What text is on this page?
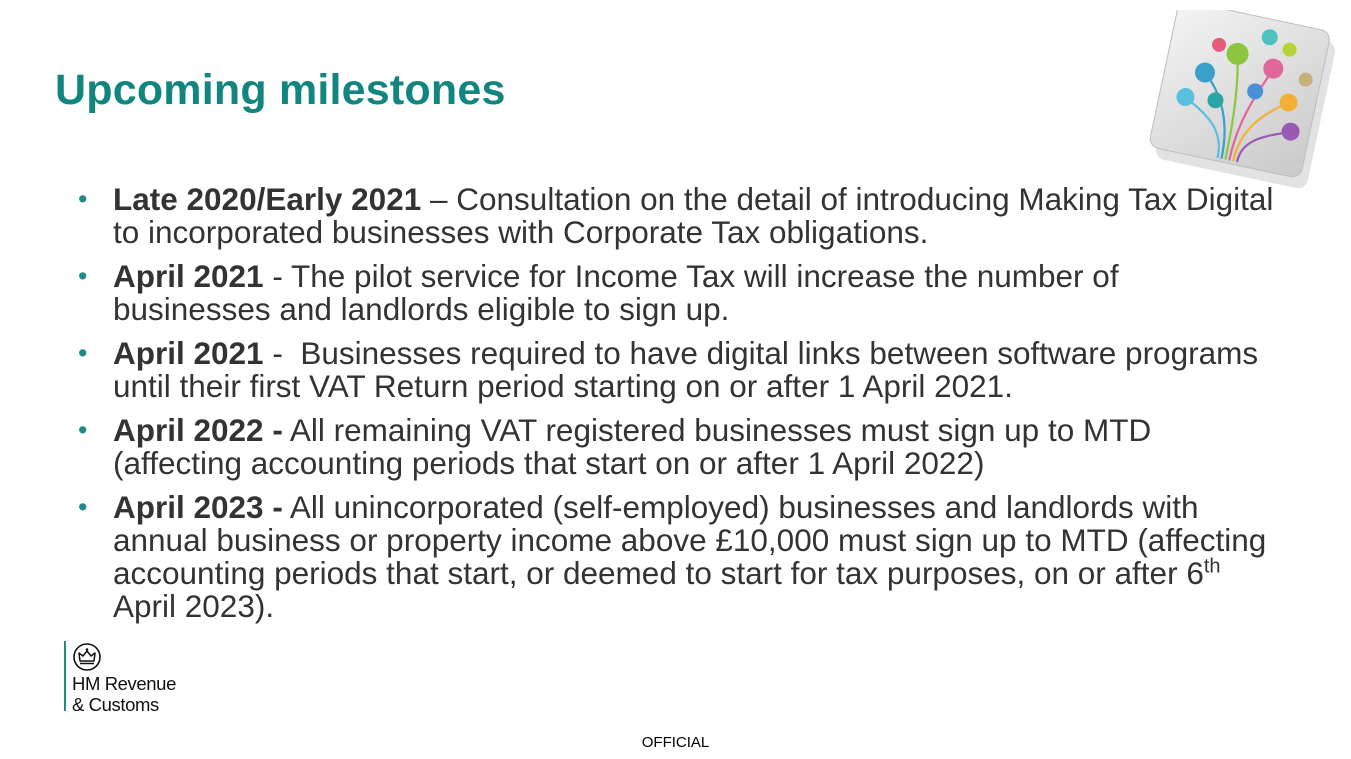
Upcoming milestones
• Late 2020/Early 2021 – Consultation on the detail of introducing Making Tax Digital to incorporated businesses with Corporate Tax obligations.
• April 2021 - The pilot service for Income Tax will increase the number of businesses and landlords eligible to sign up.
• April 2021 -  Businesses required to have digital links between software programs until their first VAT Return period starting on or after 1 April 2021.
• April 2022 - All remaining VAT registered businesses must sign up to MTD (affecting accounting periods that start on or after 1 April 2022)
• April 2023 - All unincorporated (self-employed) businesses and landlords with annual business or property income above £10,000 must sign up to MTD (affecting accounting periods that start, or deemed to start for tax purposes, on or after 6th April 2023).
HM Revenue
& Customs
OFFICIAL
